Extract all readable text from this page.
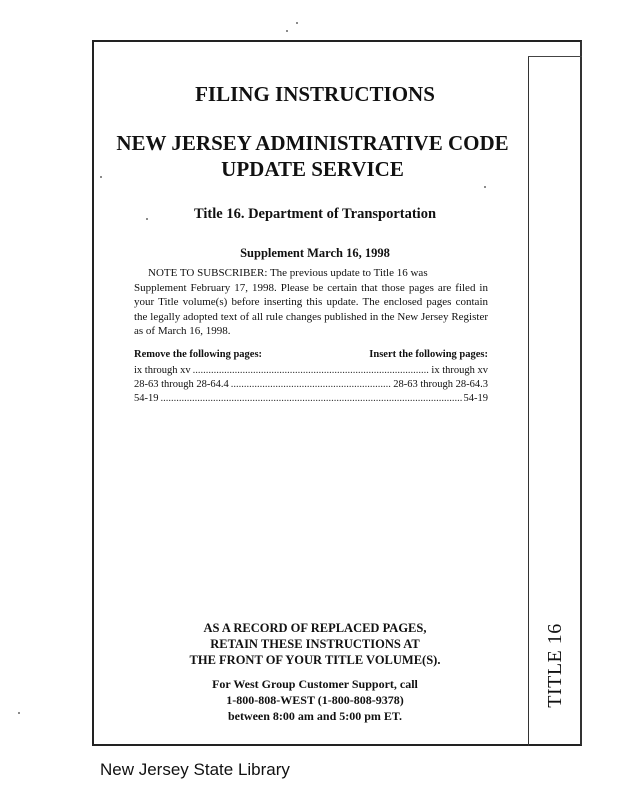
TITLE 16
FILING INSTRUCTIONS
NEW JERSEY ADMINISTRATIVE CODE
UPDATE SERVICE
Title 16. Department of Transportation
Supplement March 16, 1998
NOTE TO SUBSCRIBER: The previous update to Title 16 was
Supplement February 17, 1998. Please be certain that those pages are filed in your Title volume(s) before inserting this update. The enclosed pages contain the legally adopted text of all rule changes published in the New Jersey Register as of March 16, 1998.
Remove the following pages:	Insert the following pages:
ix through xv .....	ix through xv
28-63 through 28-64.4 .....	28-63 through 28-64.3
54-19 .....	54-19
AS A RECORD OF REPLACED PAGES,
RETAIN THESE INSTRUCTIONS AT
THE FRONT OF YOUR TITLE VOLUME(S).
For West Group Customer Support, call
1-800-808-WEST (1-800-808-9378)
between 8:00 am and 5:00 pm ET.
New Jersey State Library
